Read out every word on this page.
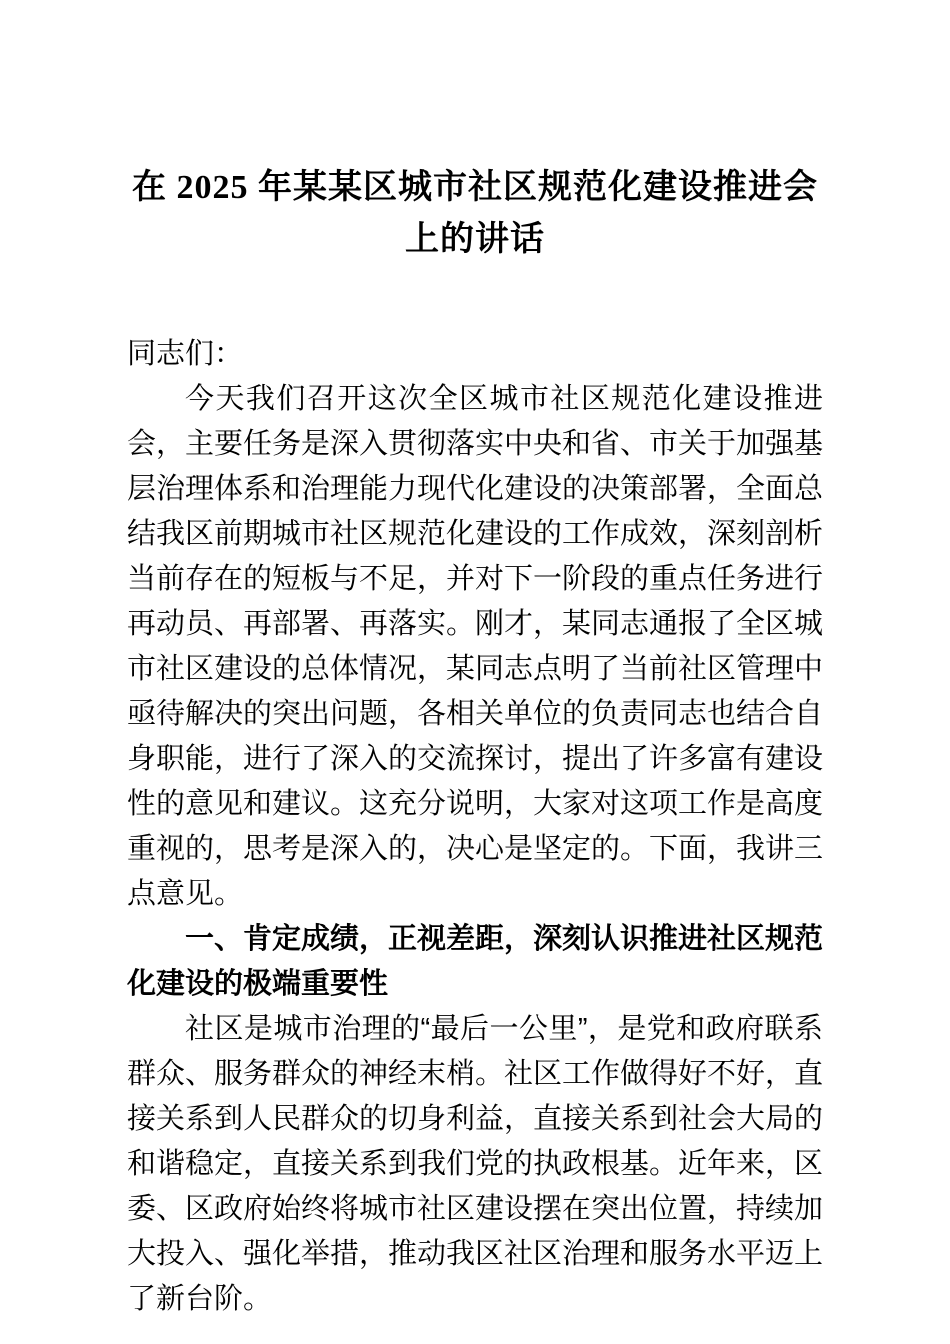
在 2025 年某某区城市社区规范化建设推进会
上的讲话

同志们：

今天我们召开这次全区城市社区规范化建设推进会，主要任务是深入贯彻落实中央和省、市关于加强基层治理体系和治理能力现代化建设的决策部署，全面总结我区前期城市社区规范化建设的工作成效，深刻剖析当前存在的短板与不足，并对下一阶段的重点任务进行再动员、再部署、再落实。刚才，某同志通报了全区城市社区建设的总体情况，某同志点明了当前社区管理中亟待解决的突出问题，各相关单位的负责同志也结合自身职能，进行了深入的交流探讨，提出了许多富有建设性的意见和建议。这充分说明，大家对这项工作是高度重视的，思考是深入的，决心是坚定的。下面，我讲三点意见。

一、肯定成绩，正视差距，深刻认识推进社区规范化建设的极端重要性

社区是城市治理的“最后一公里”，是党和政府联系群众、服务群众的神经末梢。社区工作做得好不好，直接关系到人民群众的切身利益，直接关系到社会大局的和谐稳定，直接关系到我们党的执政根基。近年来，区委、区政府始终将城市社区建设摆在突出位置，持续加大投入、强化举措，推动我区社区治理和服务水平迈上了新台阶。
